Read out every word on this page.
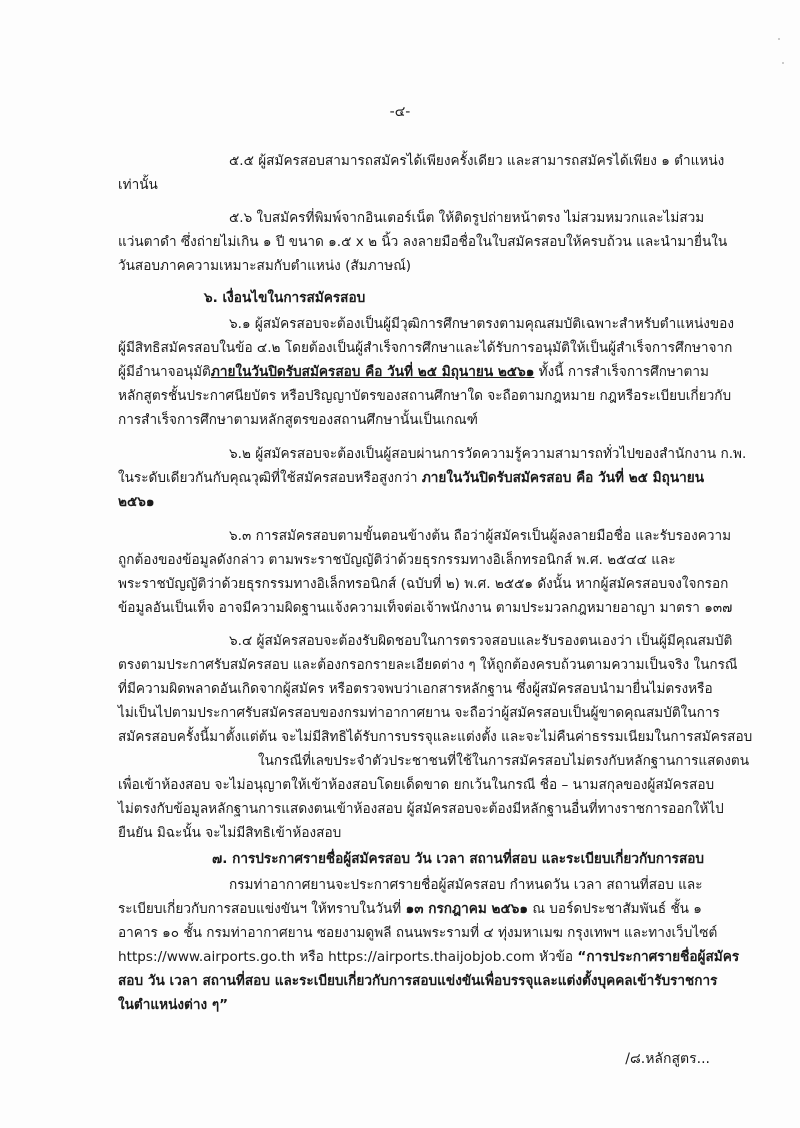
-๔-
๕.๕ ผู้สมัครสอบสามารถสมัครได้เพียงครั้งเดียว และสามารถสมัครได้เพียง ๑ ตำแหน่ง
เท่านั้น
๕.๖ ใบสมัครที่พิมพ์จากอินเตอร์เน็ต ให้ติดรูปถ่ายหน้าตรง ไม่สวมหมวกและไม่สวม
แว่นตาดำ ซึ่งถ่ายไม่เกิน ๑ ปี ขนาด ๑.๕ x ๒ นิ้ว ลงลายมือชื่อในใบสมัครสอบให้ครบถ้วน และนำมายื่นใน
วันสอบภาคความเหมาะสมกับตำแหน่ง (สัมภาษณ์)
๖. เงื่อนไขในการสมัครสอบ
๖.๑ ผู้สมัครสอบจะต้องเป็นผู้มีวุฒิการศึกษาตรงตามคุณสมบัติเฉพาะสำหรับตำแหน่งของ
ผู้มีสิทธิสมัครสอบในข้อ ๔.๒ โดยต้องเป็นผู้สำเร็จการศึกษาและได้รับการอนุมัติให้เป็นผู้สำเร็จการศึกษาจาก
ผู้มีอำนาจอนุมัติภายในวันปิดรับสมัครสอบ คือ วันที่ ๒๕ มิถุนายน ๒๕๖๑ ทั้งนี้ การสำเร็จการศึกษาตาม
หลักสูตรชั้นประกาศนียบัตร หรือปริญญาบัตรของสถานศึกษาใด จะถือตามกฎหมาย กฎหรือระเบียบเกี่ยวกับ
การสำเร็จการศึกษาตามหลักสูตรของสถานศึกษานั้นเป็นเกณฑ์
๖.๒ ผู้สมัครสอบจะต้องเป็นผู้สอบผ่านการวัดความรู้ความสามารถทั่วไปของสำนักงาน ก.พ.
ในระดับเดียวกันกับคุณวุฒิที่ใช้สมัครสอบหรือสูงกว่า ภายในวันปิดรับสมัครสอบ คือ วันที่ ๒๕ มิถุนายน
๒๕๖๑
๖.๓ การสมัครสอบตามขั้นตอนข้างต้น ถือว่าผู้สมัครเป็นผู้ลงลายมือชื่อ และรับรองความ
ถูกต้องของข้อมูลดังกล่าว ตามพระราชบัญญัติว่าด้วยธุรกรรมทางอิเล็กทรอนิกส์ พ.ศ. ๒๕๔๔ และ
พระราชบัญญัติว่าด้วยธุรกรรมทางอิเล็กทรอนิกส์ (ฉบับที่ ๒) พ.ศ. ๒๕๕๑ ดังนั้น หากผู้สมัครสอบจงใจกรอก
ข้อมูลอันเป็นเท็จ อาจมีความผิดฐานแจ้งความเท็จต่อเจ้าพนักงาน ตามประมวลกฎหมายอาญา มาตรา ๑๓๗
๖.๔ ผู้สมัครสอบจะต้องรับผิดชอบในการตรวจสอบและรับรองตนเองว่า เป็นผู้มีคุณสมบัติ
ตรงตามประกาศรับสมัครสอบ และต้องกรอกรายละเอียดต่าง ๆ ให้ถูกต้องครบถ้วนตามความเป็นจริง ในกรณี
ที่มีความผิดพลาดอันเกิดจากผู้สมัคร หรือตรวจพบว่าเอกสารหลักฐาน ซึ่งผู้สมัครสอบนำมายื่นไม่ตรงหรือ
ไม่เป็นไปตามประกาศรับสมัครสอบของกรมท่าอากาศยาน จะถือว่าผู้สมัครสอบเป็นผู้ขาดคุณสมบัติในการ
สมัครสอบครั้งนี้มาตั้งแต่ต้น จะไม่มีสิทธิได้รับการบรรจุและแต่งตั้ง และจะไม่คืนค่าธรรมเนียมในการสมัครสอบ
ในกรณีที่เลขประจำตัวประชาชนที่ใช้ในการสมัครสอบไม่ตรงกับหลักฐานการแสดงตน
เพื่อเข้าห้องสอบ จะไม่อนุญาตให้เข้าห้องสอบโดยเด็ดขาด ยกเว้นในกรณี ชื่อ – นามสกุลของผู้สมัครสอบ
ไม่ตรงกับข้อมูลหลักฐานการแสดงตนเข้าห้องสอบ ผู้สมัครสอบจะต้องมีหลักฐานอื่นที่ทางราชการออกให้ไป
ยืนยัน มิฉะนั้น จะไม่มีสิทธิเข้าห้องสอบ
๗. การประกาศรายชื่อผู้สมัครสอบ วัน เวลา สถานที่สอบ และระเบียบเกี่ยวกับการสอบ
กรมท่าอากาศยานจะประกาศรายชื่อผู้สมัครสอบ กำหนดวัน เวลา สถานที่สอบ และ
ระเบียบเกี่ยวกับการสอบแข่งขันฯ ให้ทราบในวันที่ ๑๓ กรกฎาคม ๒๕๖๑ ณ บอร์ดประชาสัมพันธ์ ชั้น ๑
อาคาร ๑๐ ชั้น กรมท่าอากาศยาน ซอยงามดูพลี ถนนพระรามที่ ๔ ทุ่งมหาเมฆ กรุงเทพฯ และทางเว็บไซต์
https://www.airports.go.th หรือ https://airports.thaijobjob.com หัวข้อ “การประกาศรายชื่อผู้สมัคร
สอบ วัน เวลา สถานที่สอบ และระเบียบเกี่ยวกับการสอบแข่งขันเพื่อบรรจุและแต่งตั้งบุคคลเข้ารับราชการ
ในตำแหน่งต่าง ๆ”
/๘.หลักสูตร...
